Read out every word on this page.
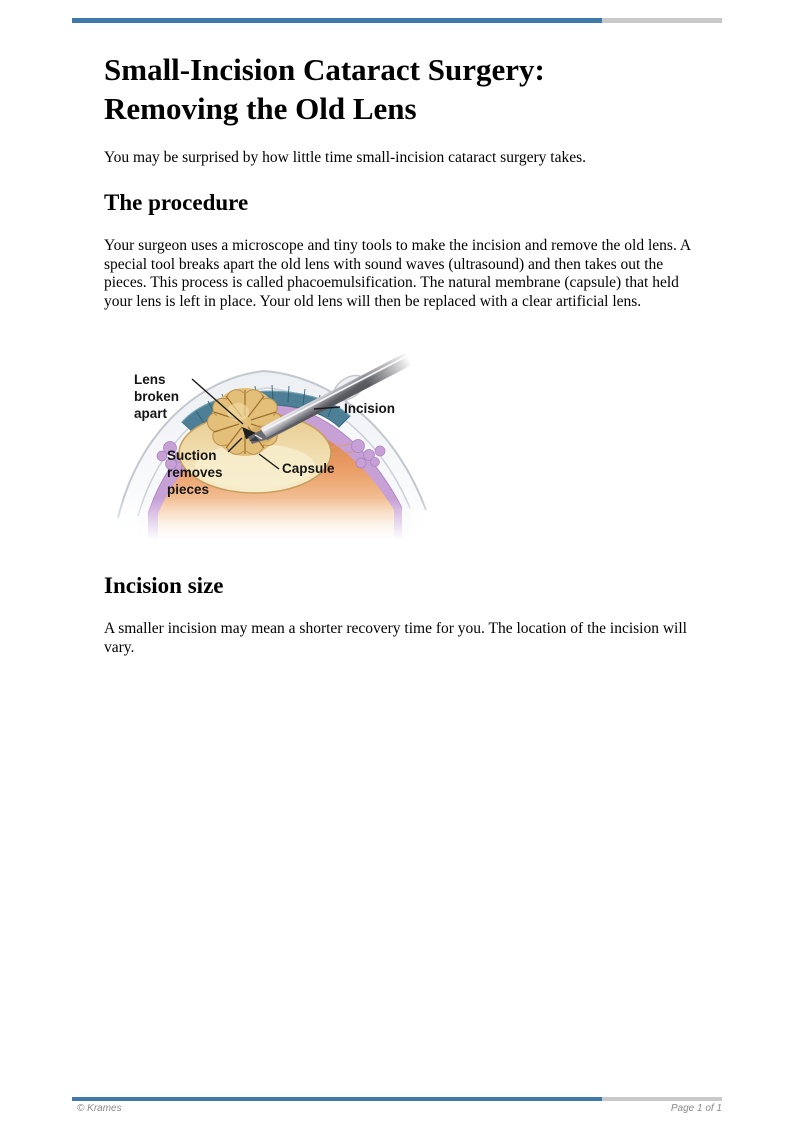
Small-Incision Cataract Surgery:
Removing the Old Lens

You may be surprised by how little time small-incision cataract surgery takes.

The procedure

Your surgeon uses a microscope and tiny tools to make the incision and remove the old lens. A special tool breaks apart the old lens with sound waves (ultrasound) and then takes out the pieces. This process is called phacoemulsification. The natural membrane (capsule) that held your lens is left in place. Your old lens will then be replaced with a clear artificial lens.

Lens broken apart	Incision
Suction removes pieces
Capsule
Incision size

A smaller incision may mean a shorter recovery time for you. The location of the incision will vary.

© Krames	Page 1 of 1
